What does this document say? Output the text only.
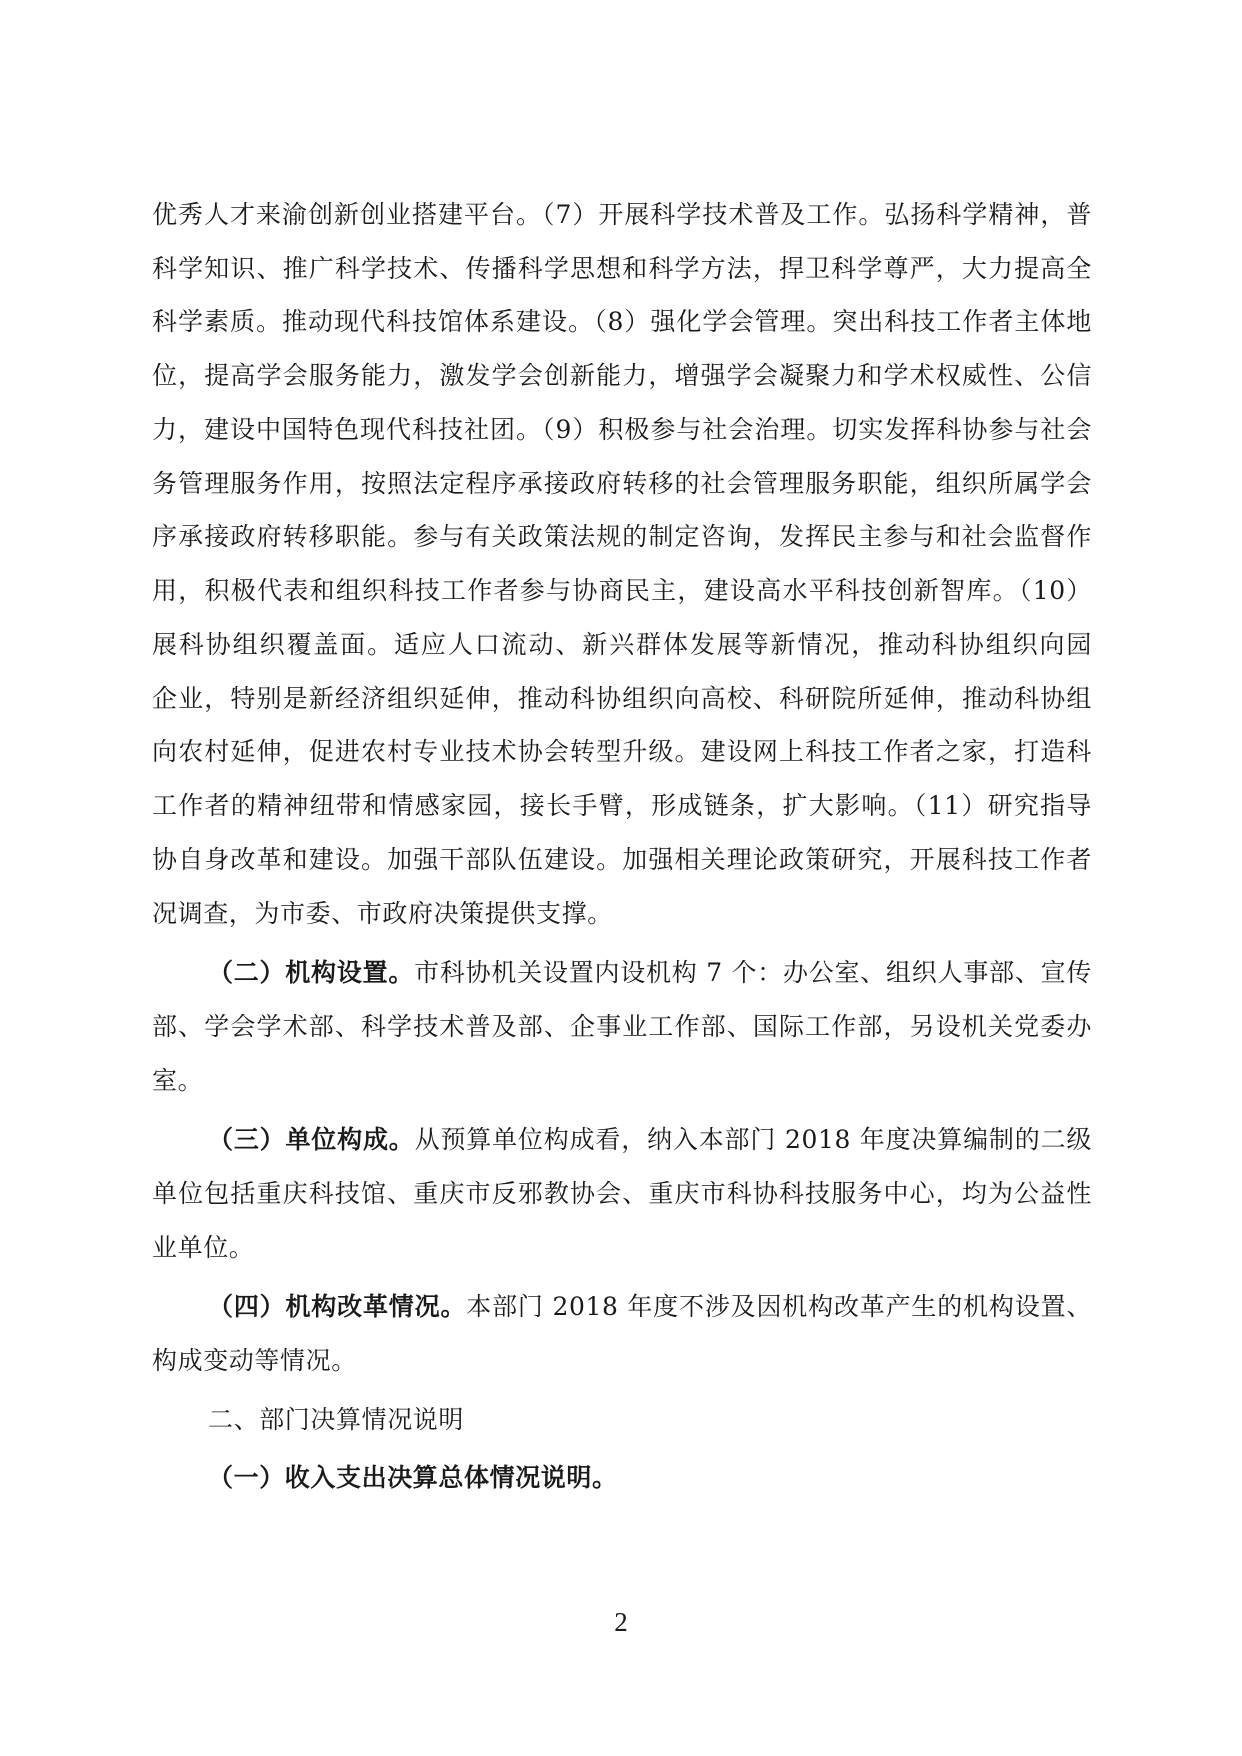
优秀人才来渝创新创业搭建平台。（7）开展科学技术普及工作。弘扬科学精神，普
科学知识、推广科学技术、传播科学思想和科学方法，捍卫科学尊严，大力提高全
科学素质。推动现代科技馆体系建设。（8）强化学会管理。突出科技工作者主体地
位，提高学会服务能力，激发学会创新能力，增强学会凝聚力和学术权威性、公信
力，建设中国特色现代科技社团。（9）积极参与社会治理。切实发挥科协参与社会
务管理服务作用，按照法定程序承接政府转移的社会管理服务职能，组织所属学会
序承接政府转移职能。参与有关政策法规的制定咨询，发挥民主参与和社会监督作
用，积极代表和组织科技工作者参与协商民主，建设高水平科技创新智库。（10）
展科协组织覆盖面。适应人口流动、新兴群体发展等新情况，推动科协组织向园
企业，特别是新经济组织延伸，推动科协组织向高校、科研院所延伸，推动科协组
向农村延伸，促进农村专业技术协会转型升级。建设网上科技工作者之家，打造科
工作者的精神纽带和情感家园，接长手臂，形成链条，扩大影响。（11）研究指导
协自身改革和建设。加强干部队伍建设。加强相关理论政策研究，开展科技工作者
况调查，为市委、市政府决策提供支撑。
（二）机构设置。市科协机关设置内设机构 7 个：办公室、组织人事部、宣传
部、学会学术部、科学技术普及部、企事业工作部、国际工作部，另设机关党委办
室。
（三）单位构成。从预算单位构成看，纳入本部门 2018 年度决算编制的二级
单位包括重庆科技馆、重庆市反邪教协会、重庆市科协科技服务中心，均为公益性
业单位。
（四）机构改革情况。本部门 2018 年度不涉及因机构改革产生的机构设置、
构成变动等情况。
二、部门决算情况说明
（一）收入支出决算总体情况说明。
2
